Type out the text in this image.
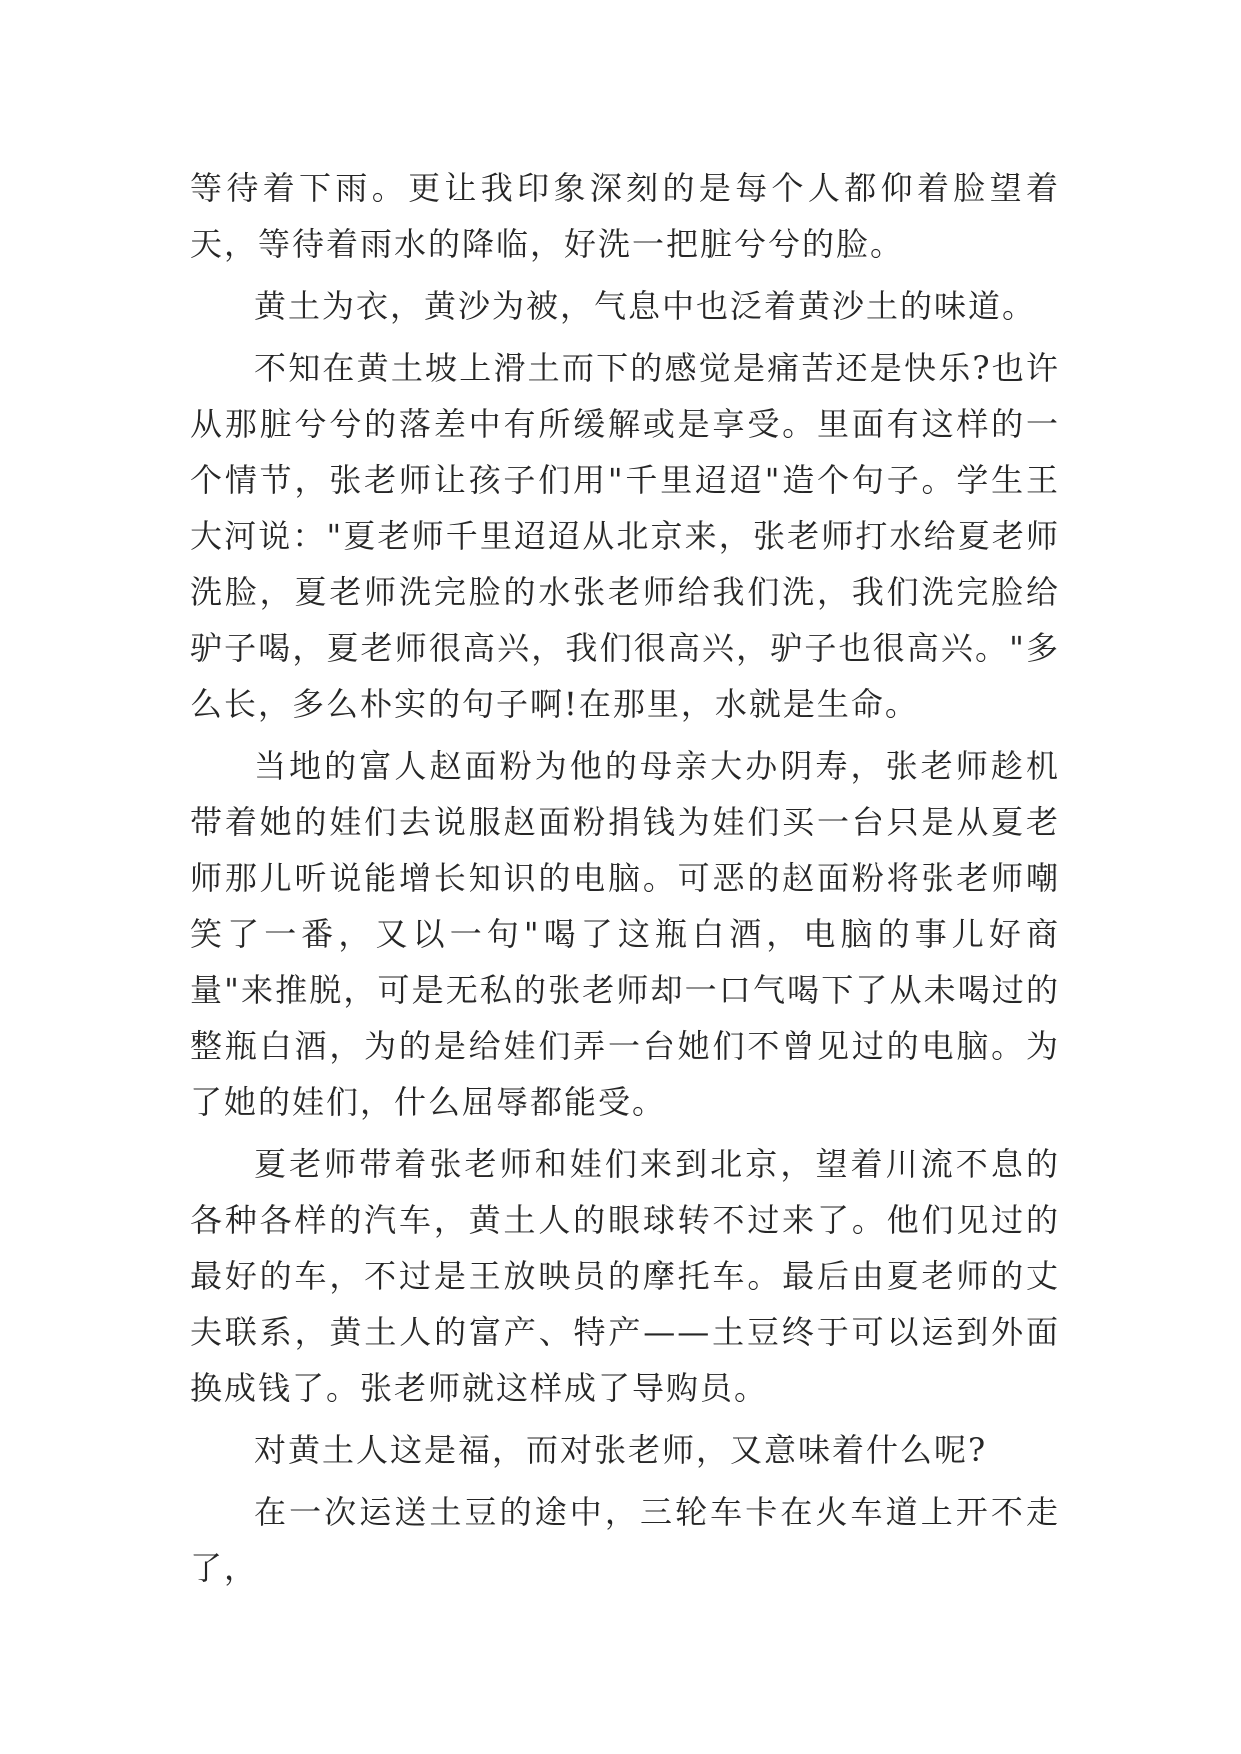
等待着下雨。更让我印象深刻的是每个人都仰着脸望着天，等待着雨水的降临，好洗一把脏兮兮的脸。

黄土为衣，黄沙为被，气息中也泛着黄沙土的味道。

不知在黄土坡上滑土而下的感觉是痛苦还是快乐?也许从那脏兮兮的落差中有所缓解或是享受。里面有这样的一个情节，张老师让孩子们用"千里迢迢"造个句子。学生王大河说："夏老师千里迢迢从北京来，张老师打水给夏老师洗脸，夏老师洗完脸的水张老师给我们洗，我们洗完脸给驴子喝，夏老师很高兴，我们很高兴，驴子也很高兴。"多么长，多么朴实的句子啊!在那里，水就是生命。

当地的富人赵面粉为他的母亲大办阴寿，张老师趁机带着她的娃们去说服赵面粉捐钱为娃们买一台只是从夏老师那儿听说能增长知识的电脑。可恶的赵面粉将张老师嘲笑了一番，又以一句"喝了这瓶白酒，电脑的事儿好商量"来推脱，可是无私的张老师却一口气喝下了从未喝过的整瓶白酒，为的是给娃们弄一台她们不曾见过的电脑。为了她的娃们，什么屈辱都能受。

夏老师带着张老师和娃们来到北京，望着川流不息的各种各样的汽车，黄土人的眼球转不过来了。他们见过的最好的车，不过是王放映员的摩托车。最后由夏老师的丈夫联系，黄土人的富产、特产——土豆终于可以运到外面换成钱了。张老师就这样成了导购员。

对黄土人这是福，而对张老师，又意味着什么呢?

在一次运送土豆的途中，三轮车卡在火车道上开不走了，
